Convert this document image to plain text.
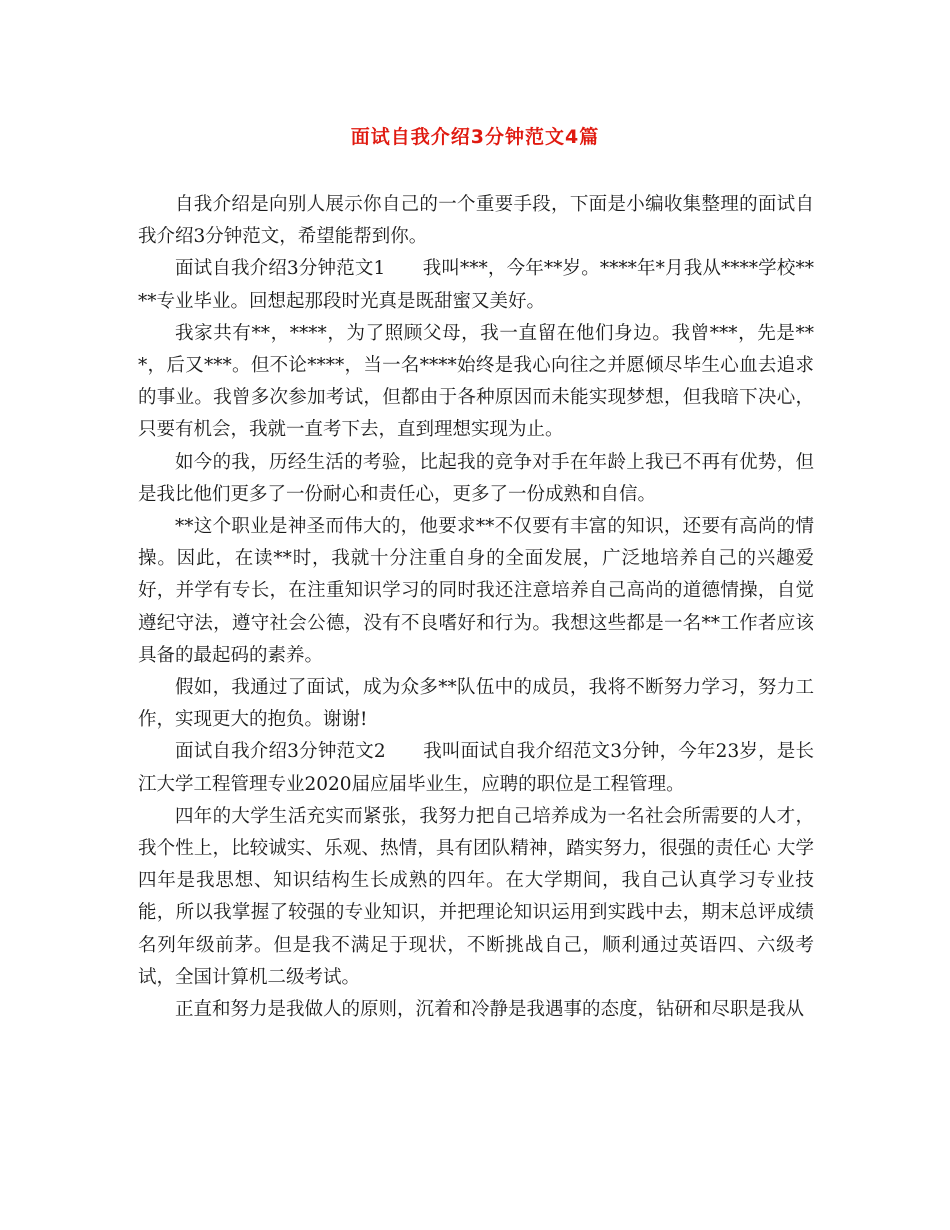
面试自我介绍3分钟范文4篇

自我介绍是向别人展示你自己的一个重要手段，下面是小编收集整理的面试自我介绍3分钟范文，希望能帮到你。

面试自我介绍3分钟范文1　　我叫***，今年**岁。****年*月我从****学校****专业毕业。回想起那段时光真是既甜蜜又美好。

我家共有**，****，为了照顾父母，我一直留在他们身边。我曾***，先是***，后又***。但不论****，当一名****始终是我心向往之并愿倾尽毕生心血去追求的事业。我曾多次参加考试，但都由于各种原因而未能实现梦想，但我暗下决心，只要有机会，我就一直考下去，直到理想实现为止。

如今的我，历经生活的考验，比起我的竞争对手在年龄上我已不再有优势，但是我比他们更多了一份耐心和责任心，更多了一份成熟和自信。

**这个职业是神圣而伟大的，他要求**不仅要有丰富的知识，还要有高尚的情操。因此，在读**时，我就十分注重自身的全面发展，广泛地培养自己的兴趣爱好，并学有专长，在注重知识学习的同时我还注意培养自己高尚的道德情操，自觉遵纪守法，遵守社会公德，没有不良嗜好和行为。我想这些都是一名**工作者应该具备的最起码的素养。

假如，我通过了面试，成为众多**队伍中的成员，我将不断努力学习，努力工作，实现更大的抱负。谢谢!

面试自我介绍3分钟范文2　　我叫面试自我介绍范文3分钟，今年23岁，是长江大学工程管理专业2020届应届毕业生，应聘的职位是工程管理。

四年的大学生活充实而紧张，我努力把自己培养成为一名社会所需要的人才，我个性上，比较诚实、乐观、热情，具有团队精神，踏实努力，很强的责任心 大学四年是我思想、知识结构生长成熟的四年。在大学期间，我自己认真学习专业技能，所以我掌握了较强的专业知识，并把理论知识运用到实践中去，期末总评成绩名列年级前茅。但是我不满足于现状，不断挑战自己，顺利通过英语四、六级考试，全国计算机二级考试。

正直和努力是我做人的原则，沉着和冷静是我遇事的态度，钻研和尽职是我从
